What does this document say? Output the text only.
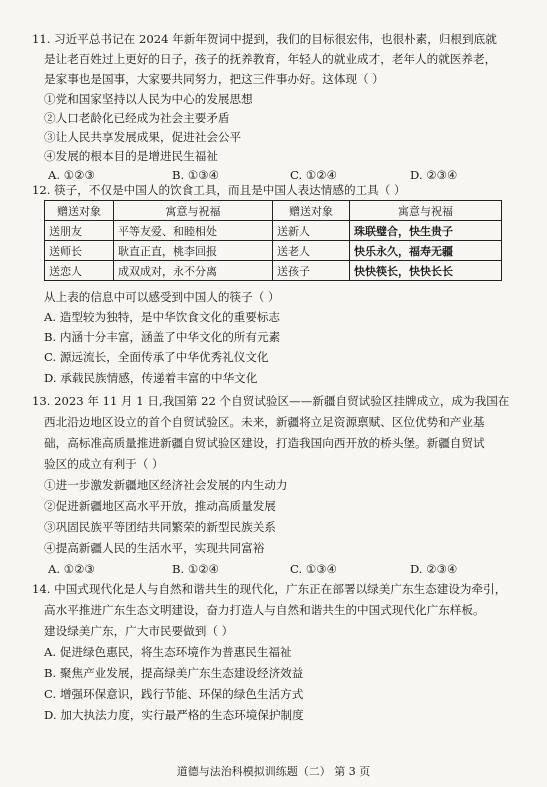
11. 习近平总书记在 2024 年新年贺词中提到，我们的目标很宏伟，也很朴素，归根到底就
是让老百姓过上更好的日子，孩子的抚养教育，年轻人的就业成才，老年人的就医养老，
是家事也是国事，大家要共同努力，把这三件事办好。这体现（ ）
①党和国家坚持以人民为中心的发展思想
②人口老龄化已经成为社会主要矛盾
③让人民共享发展成果，促进社会公平
④发展的根本目的是增进民生福祉
A. ①②③	B. ①③④	C. ①②④	D. ②③④
12. 筷子，不仅是中国人的饮食工具，而且是中国人表达情感的工具（ ）
赠送对象	寓意与祝福	赠送对象	寓意与祝福
送朋友	平等友爱、和睦相处	送新人	珠联璧合，快生贵子
送师长	耿直正直，桃李回报	送老人	快乐永久，福寿无疆
送恋人	成双成对，永不分离	送孩子	快快筷长，快快长长
从上表的信息中可以感受到中国人的筷子（ ）
A. 造型较为独特，是中华饮食文化的重要标志
B. 内涵十分丰富，涵盖了中华文化的所有元素
C. 源远流长，全面传承了中华优秀礼仪文化
D. 承载民族情感，传递着丰富的中华文化
13. 2023 年 11 月 1 日,我国第 22 个自贸试验区——新疆自贸试验区挂牌成立，成为我国在
西北沿边地区设立的首个自贸试验区。未来，新疆将立足资源禀赋、区位优势和产业基
础，高标准高质量推进新疆自贸试验区建设，打造我国向西开放的桥头堡。新疆自贸试
验区的成立有利于（ ）
①进一步激发新疆地区经济社会发展的内生动力
②促进新疆地区高水平开放，推动高质量发展
③巩固民族平等团结共同繁荣的新型民族关系
④提高新疆人民的生活水平，实现共同富裕
A. ①②③	B. ①②④	C. ①③④	D. ②③④
14. 中国式现代化是人与自然和谐共生的现代化，广东正在部署以绿美广东生态建设为牵引，
高水平推进广东生态文明建设，奋力打造人与自然和谐共生的中国式现代化广东样板。
建设绿美广东，广大市民要做到（ ）
A. 促进绿色惠民，将生态环境作为普惠民生福祉
B. 聚焦产业发展，提高绿美广东生态建设经济效益
C. 增强环保意识，践行节能、环保的绿色生活方式
D. 加大执法力度，实行最严格的生态环境保护制度
道德与法治科模拟训练题（二） 第 3 页
